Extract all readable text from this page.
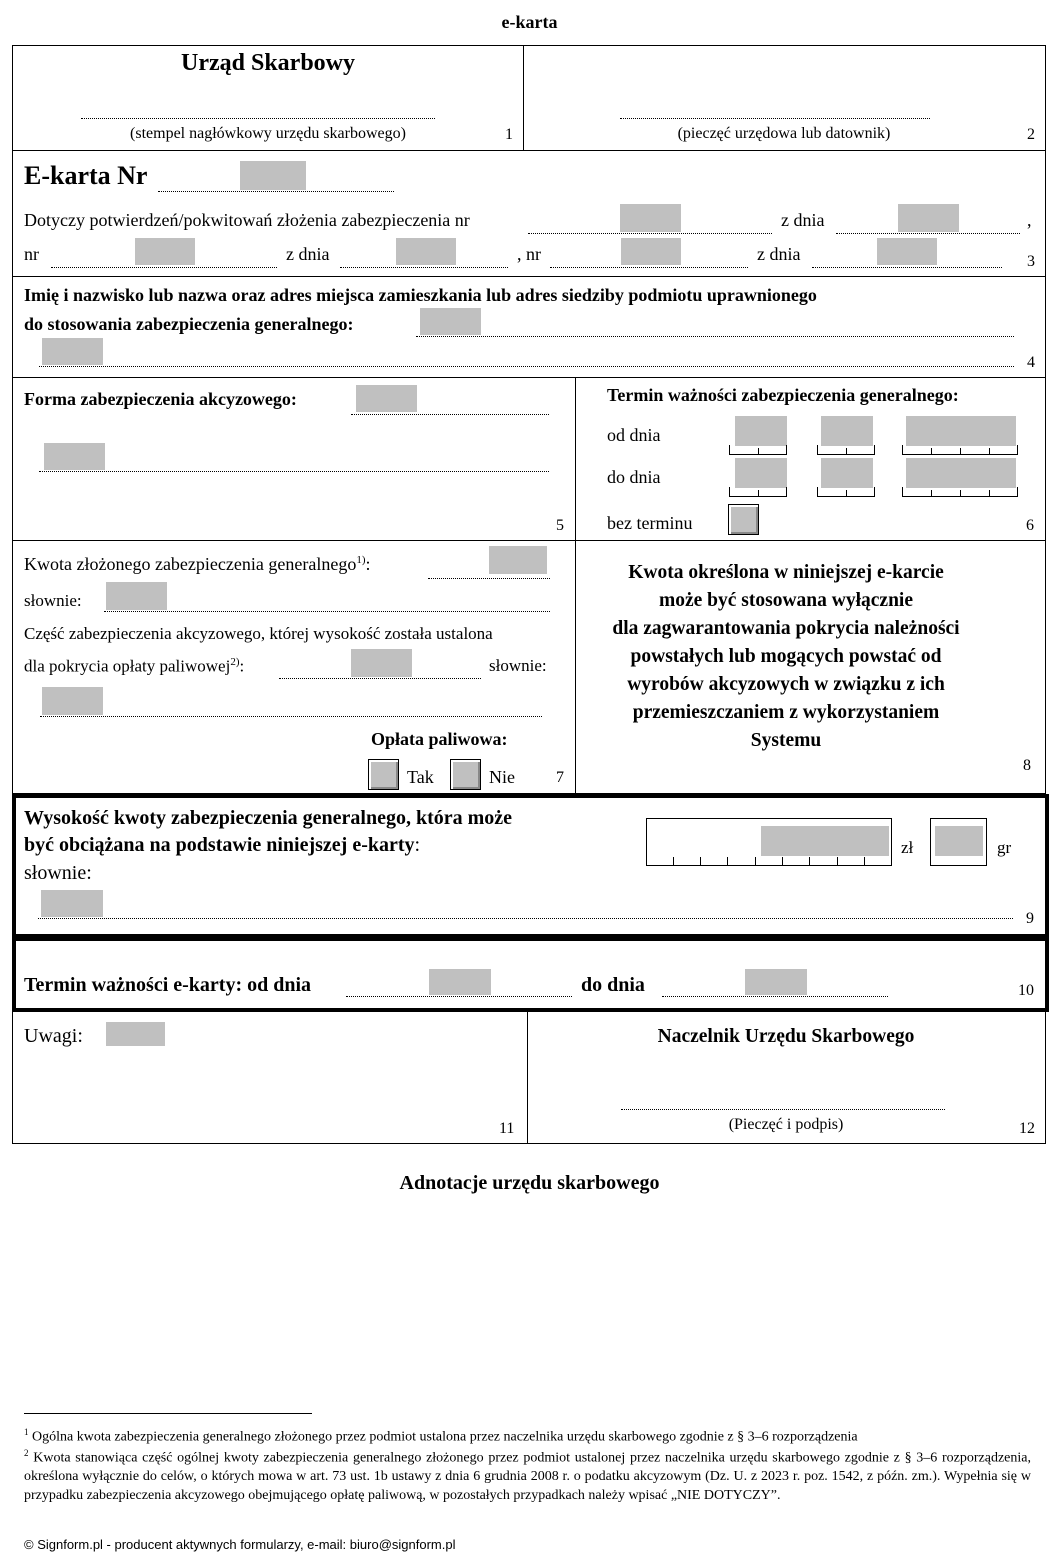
e-karta
Urząd Skarbowy
(stempel nagłówkowy urzędu skarbowego)	1	(pieczęć urzędowa lub datownik)	2
E-karta Nr
Dotyczy potwierdzeń/pokwitowań złożenia zabezpieczenia nr	z dnia	,
nr	z dnia	, nr	z dnia	3
Imię i nazwisko lub nazwa oraz adres miejsca zamieszkania lub adres siedziby podmiotu uprawnionego
do stosowania zabezpieczenia generalnego:
4
Forma zabezpieczenia akcyzowego:
5
Termin ważności zabezpieczenia generalnego:
od dnia
do dnia
bez terminu	6
Kwota złożonego zabezpieczenia generalnego$^{1)}$:
słownie:
Część zabezpieczenia akcyzowego, której wysokość została ustalona
dla pokrycia opłaty paliwowej$^{2)}$:	słownie:
Opłata paliwowa:
Tak	Nie	7
Kwota określona w niniejszej e-karcie
może być stosowana wyłącznie
dla zagwarantowania pokrycia należności
powstałych lub mogących powstać od
wyrobów akcyzowych w związku z ich
przemieszczaniem z wykorzystaniem
Systemu
8
Wysokość kwoty zabezpieczenia generalnego, która może
być obciążana na podstawie niniejszej e-karty:
słownie:
zł	gr
9
Termin ważności e-karty: od dnia	do dnia	10
Uwagi:
11
Naczelnik Urzędu Skarbowego
(Pieczęć i podpis)	12
Adnotacje urzędu skarbowego
$^1$ Ogólna kwota zabezpieczenia generalnego złożonego przez podmiot ustalona przez naczelnika urzędu skarbowego zgodnie z § 3–6 rozporządzenia
$^2$ Kwota stanowiąca część ogólnej kwoty zabezpieczenia generalnego złożonego przez podmiot ustalonej przez naczelnika urzędu skarbowego zgodnie z § 3–6 rozporządzenia, określona wyłącznie do celów, o których mowa w art. 73 ust. 1b ustawy z dnia 6 grudnia 2008 r. o podatku akcyzowym (Dz. U. z 2023 r. poz. 1542, z późn. zm.). Wypełnia się w przypadku zabezpieczenia akcyzowego obejmującego opłatę paliwową, w pozostałych przypadkach należy wpisać „NIE DOTYCZY”.
© Signform.pl - producent aktywnych formularzy, e-mail: biuro@signform.pl
